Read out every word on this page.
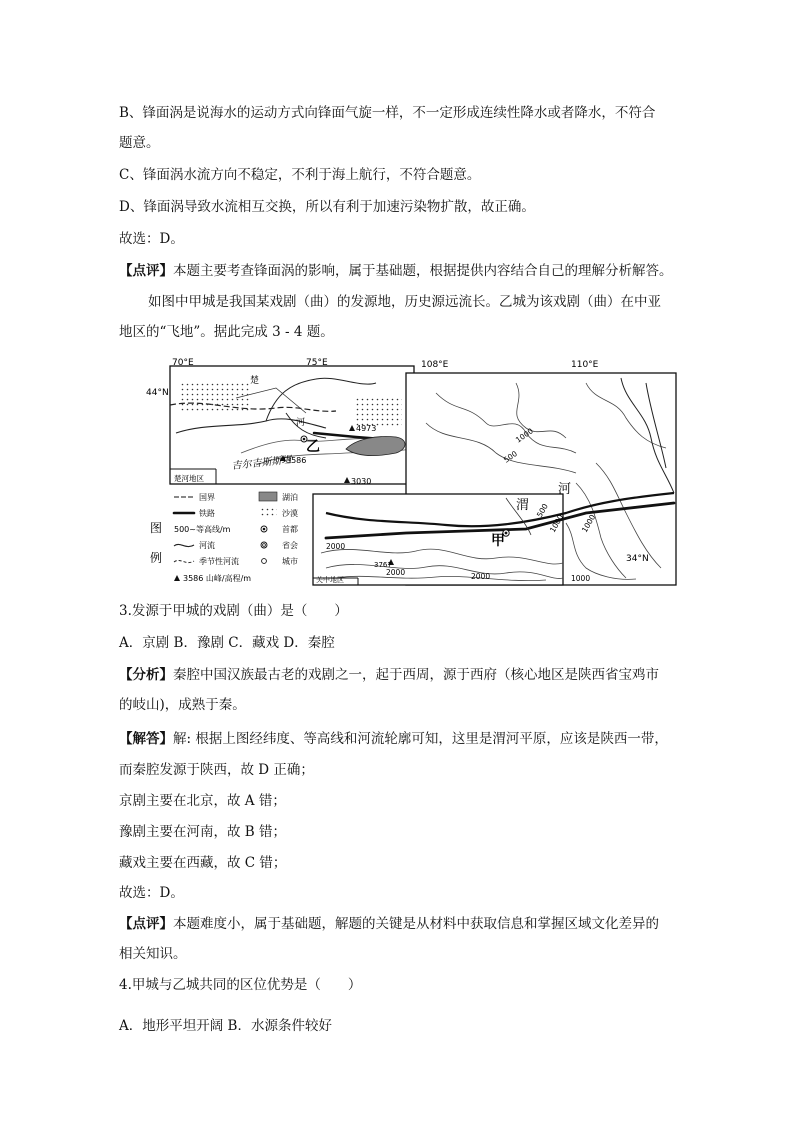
B、锋面涡是说海水的运动方式向锋面气旋一样，不一定形成连续性降水或者降水，不符合
题意。
C、锋面涡水流方向不稳定，不利于海上航行，不符合题意。
D、锋面涡导致水流相互交换，所以有利于加速污染物扩散，故正确。
故选：D。
【点评】本题主要考查锋面涡的影响，属于基础题，根据提供内容结合自己的理解分析解答。
如图中甲城是我国某戏剧（曲）的发源地，历史源远流长。乙城为该戏剧（曲）在中亚
地区的“飞地”。据此完成 3 - 4 题。
70°E	75°E
44°N
楚
河
乙
4973
3586
3030
吉尔吉斯斯坦
楚河地区
108°E	110°E
34°N
渭
河
甲
1000
500
1000
1000
500
2000
2000	2000	1000
3767
关中地区
图
例
国界	湖泊
铁路	沙漠
500~等高线/m	首都
河流	省会
季节性河流	城市
3586 山峰/高程/m
3.发源于甲城的戏剧（曲）是（　　）
A．京剧 B．豫剧 C．藏戏 D．秦腔
【分析】秦腔中国汉族最古老的戏剧之一，起于西周，源于西府（核心地区是陕西省宝鸡市
的岐山)，成熟于秦。
【解答】解: 根据上图经纬度、等高线和河流轮廓可知，这里是渭河平原，应该是陕西一带，
而秦腔发源于陕西，故 D 正确；
京剧主要在北京，故 A 错；
豫剧主要在河南，故 B 错；
藏戏主要在西藏，故 C 错；
故选：D。
【点评】本题难度小，属于基础题，解题的关键是从材料中获取信息和掌握区域文化差异的
相关知识。
4.甲城与乙城共同的区位优势是（　　）
A．地形平坦开阔 B．水源条件较好
